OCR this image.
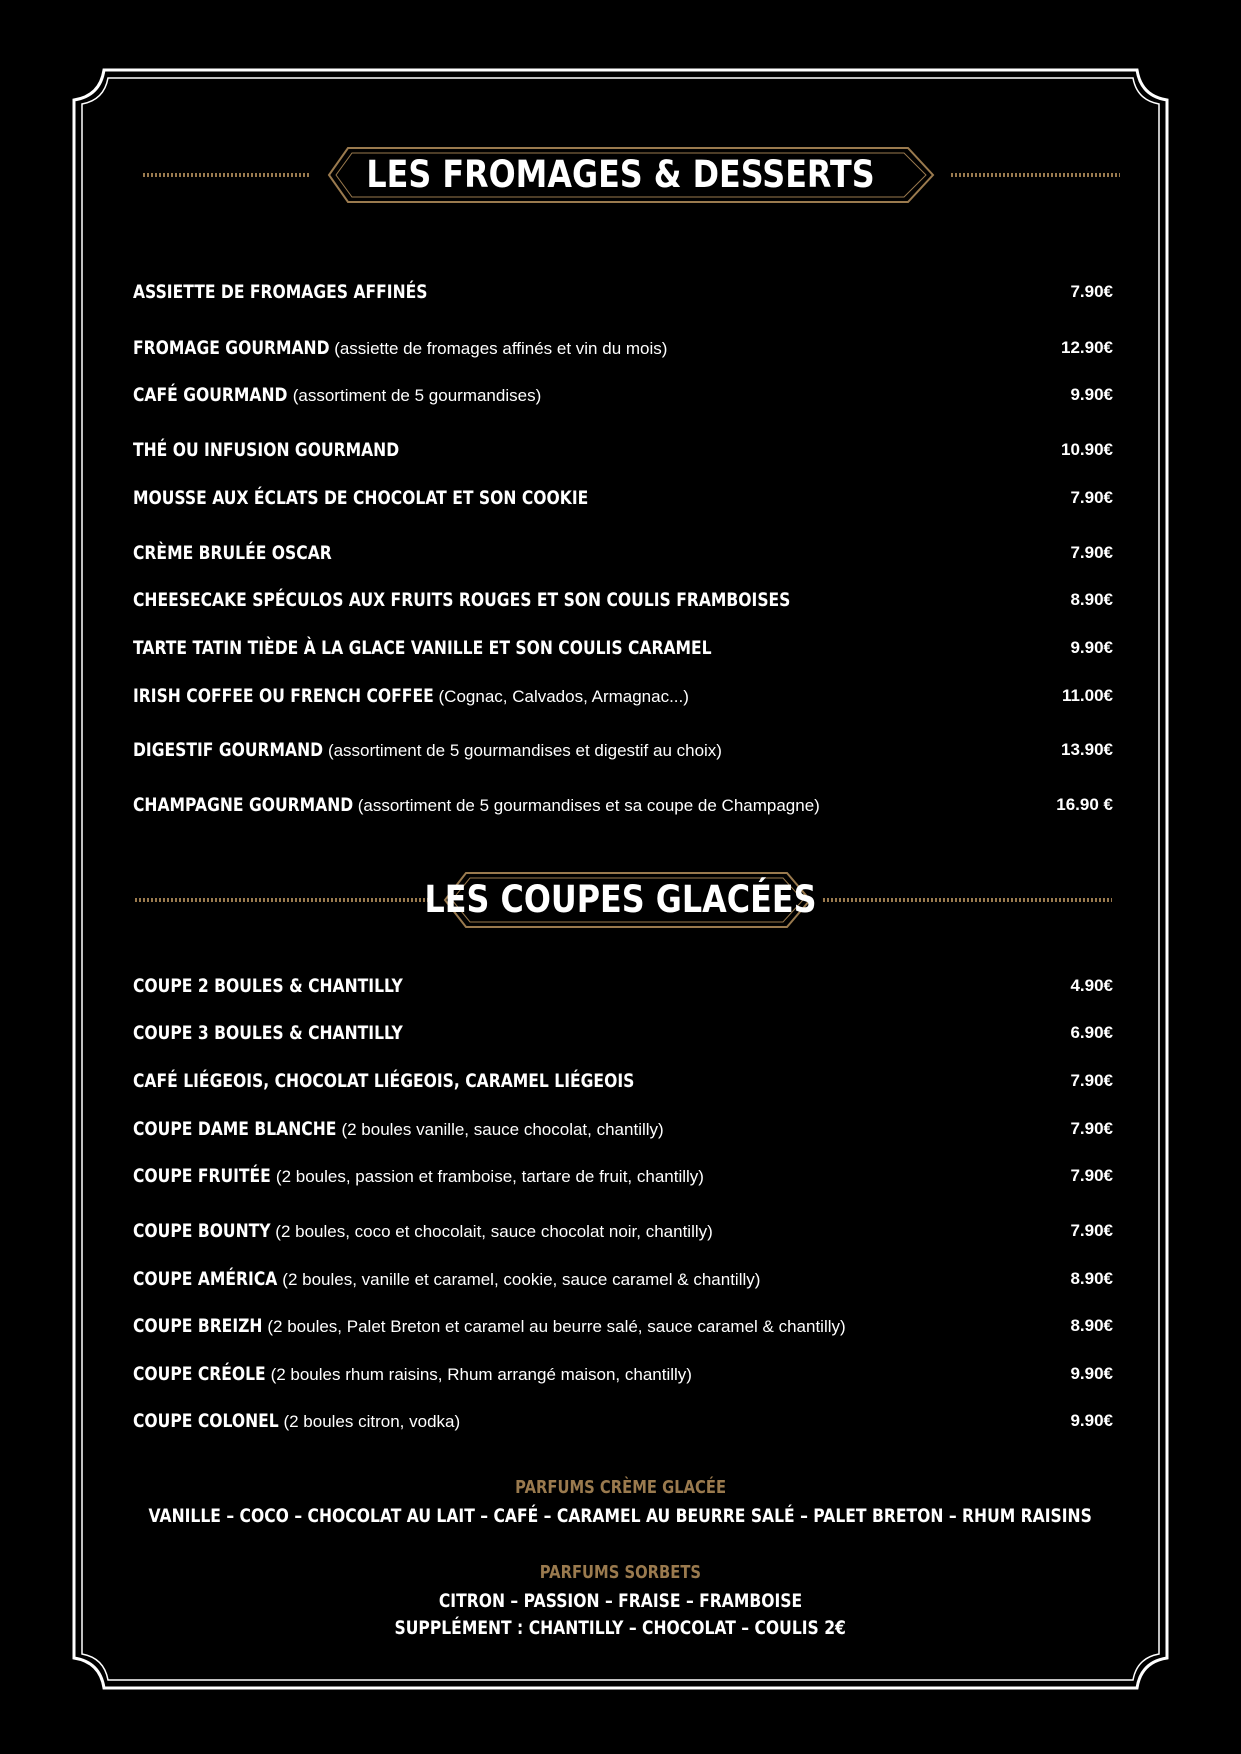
LES FROMAGES & DESSERTS
ASSIETTE DE FROMAGES AFFINÉS	7.90€
FROMAGE GOURMAND (assiette de fromages affinés et vin du mois)	12.90€
CAFÉ GOURMAND (assortiment de 5 gourmandises)	9.90€
THÉ OU INFUSION GOURMAND	10.90€
MOUSSE AUX ÉCLATS DE CHOCOLAT ET SON COOKIE	7.90€
CRÈME BRULÉE OSCAR	7.90€
CHEESECAKE SPÉCULOS AUX FRUITS ROUGES ET SON COULIS FRAMBOISES	8.90€
TARTE TATIN TIÈDE À LA GLACE VANILLE ET SON COULIS CARAMEL	9.90€
IRISH COFFEE OU FRENCH COFFEE (Cognac, Calvados, Armagnac...)	11.00€
DIGESTIF GOURMAND (assortiment de 5 gourmandises et digestif au choix)	13.90€
CHAMPAGNE GOURMAND (assortiment de 5 gourmandises et sa coupe de Champagne)	16.90 €
LES COUPES GLACÉES
COUPE 2 BOULES & CHANTILLY	4.90€
COUPE 3 BOULES & CHANTILLY	6.90€
CAFÉ LIÉGEOIS, CHOCOLAT LIÉGEOIS, CARAMEL LIÉGEOIS	7.90€
COUPE DAME BLANCHE (2 boules vanille, sauce chocolat, chantilly)	7.90€
COUPE FRUITÉE (2 boules, passion et framboise, tartare de fruit, chantilly)	7.90€
COUPE BOUNTY (2 boules, coco et chocolait, sauce chocolat noir, chantilly)	7.90€
COUPE AMÉRICA (2 boules, vanille et caramel, cookie, sauce caramel & chantilly)	8.90€
COUPE BREIZH (2 boules, Palet Breton et caramel au beurre salé, sauce caramel & chantilly)	8.90€
COUPE CRÉOLE (2 boules rhum raisins, Rhum arrangé maison, chantilly)	9.90€
COUPE COLONEL (2 boules citron, vodka)	9.90€
PARFUMS CRÈME GLACÉE
VANILLE – COCO – CHOCOLAT AU LAIT – CAFÉ – CARAMEL AU BEURRE SALÉ – PALET BRETON – RHUM RAISINS
PARFUMS SORBETS
CITRON – PASSION – FRAISE – FRAMBOISE
SUPPLÉMENT : CHANTILLY – CHOCOLAT – COULIS 2€
